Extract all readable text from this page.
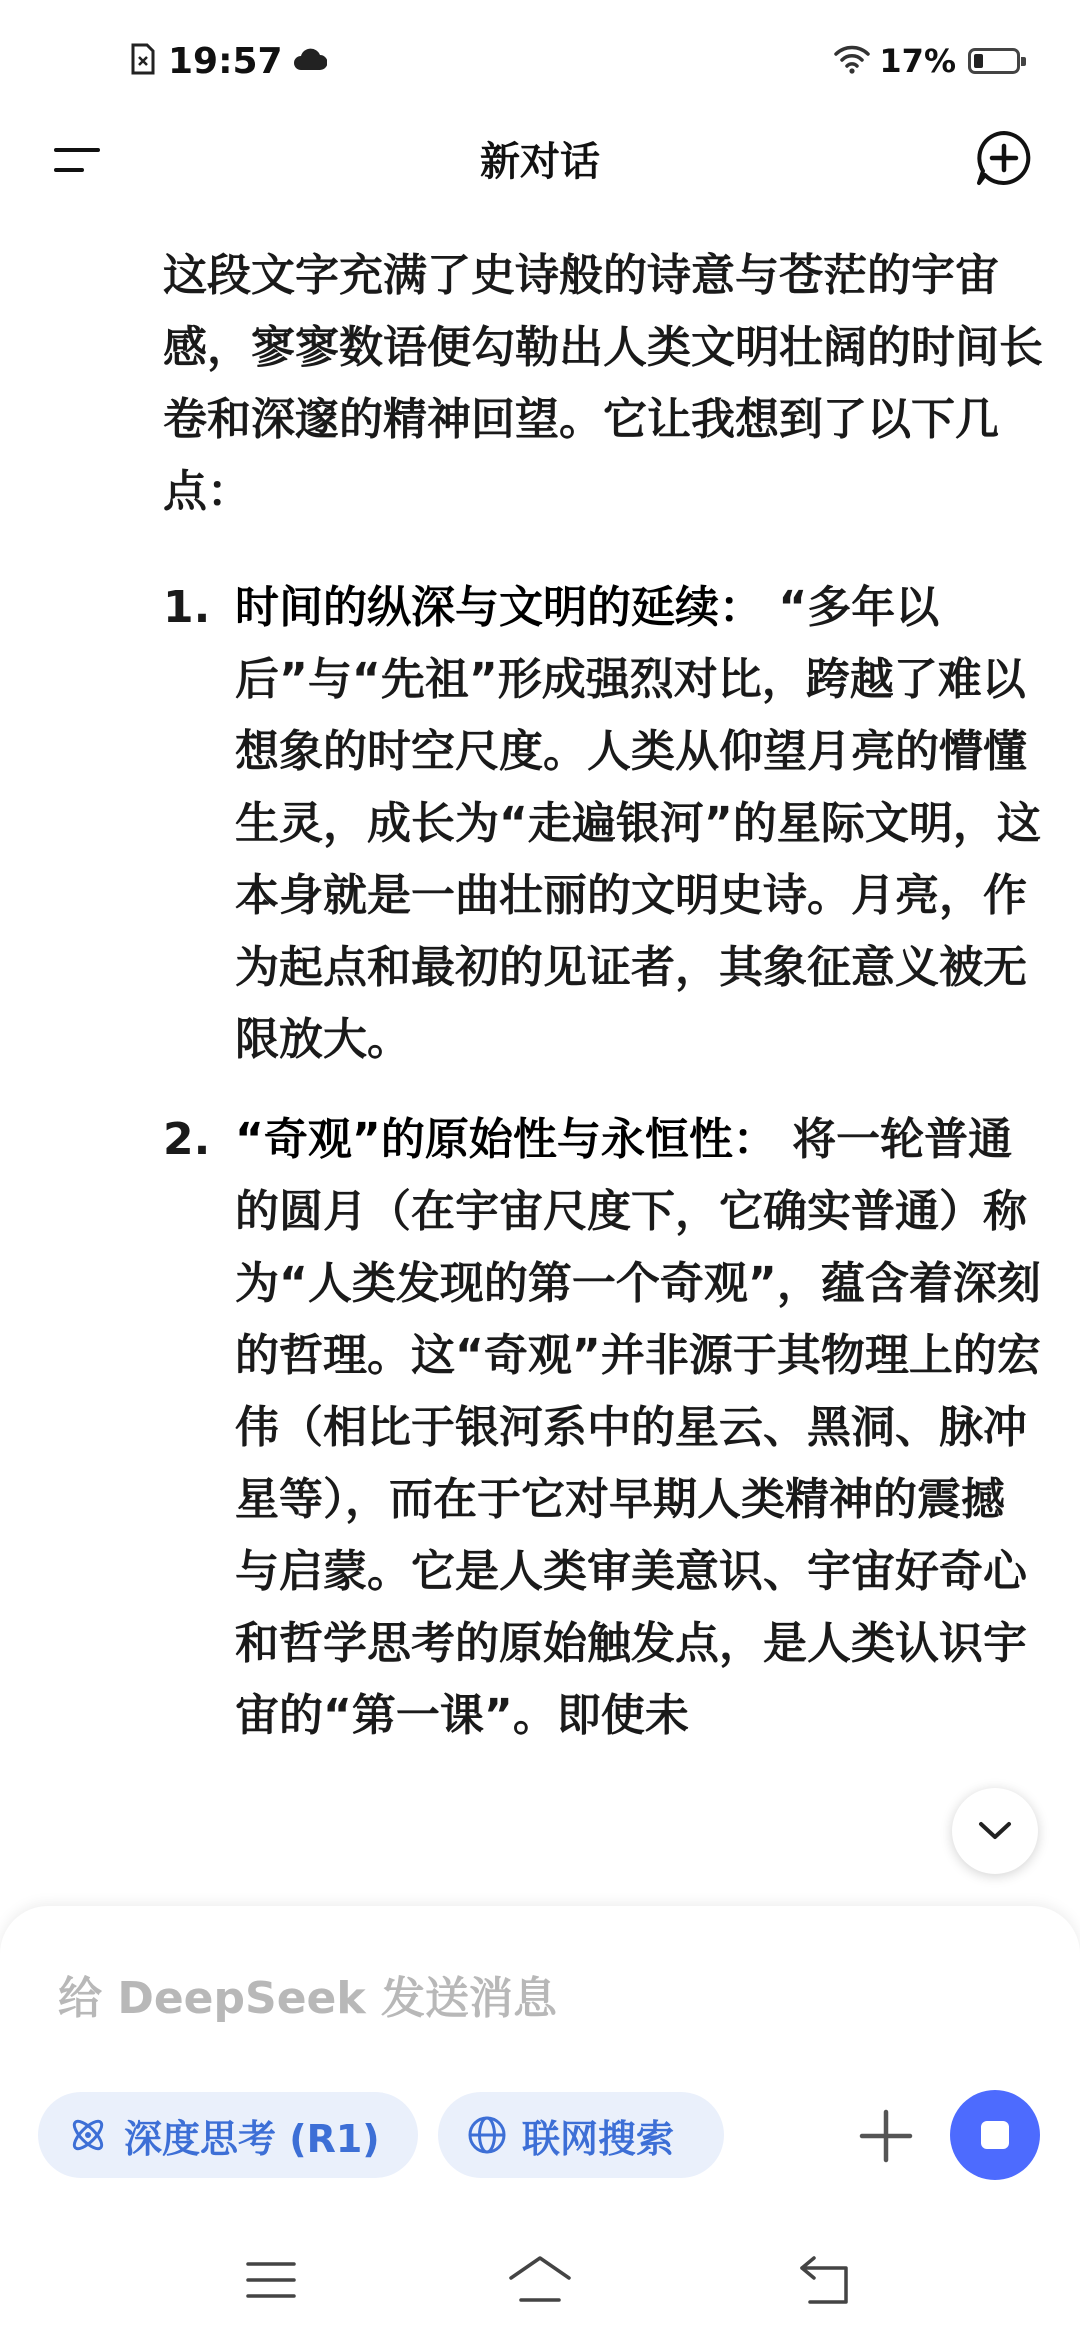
19:57	17%
新对话

这段文字充满了史诗般的诗意与苍茫的宇宙感，寥寥数语便勾勒出人类文明壮阔的时间长卷和深邃的精神回望。它让我想到了以下几点：

1. 时间的纵深与文明的延续： “多年以后”与“先祖”形成强烈对比，跨越了难以想象的时空尺度。人类从仰望月亮的懵懂生灵，成长为“走遍银河”的星际文明，这本身就是一曲壮丽的文明史诗。月亮，作为起点和最初的见证者，其象征意义被无限放大。
2. “奇观”的原始性与永恒性： 将一轮普通的圆月（在宇宙尺度下，它确实普通）称为“人类发现的第一个奇观”，蕴含着深刻的哲理。这“奇观”并非源于其物理上的宏伟（相比于银河系中的星云、黑洞、脉冲星等），而在于它对早期人类精神的震撼与启蒙。它是人类审美意识、宇宙好奇心和哲学思考的原始触发点，是人类认识宇宙的“第一课”。即使未
给 DeepSeek 发送消息
深度思考 (R1)	联网搜索
